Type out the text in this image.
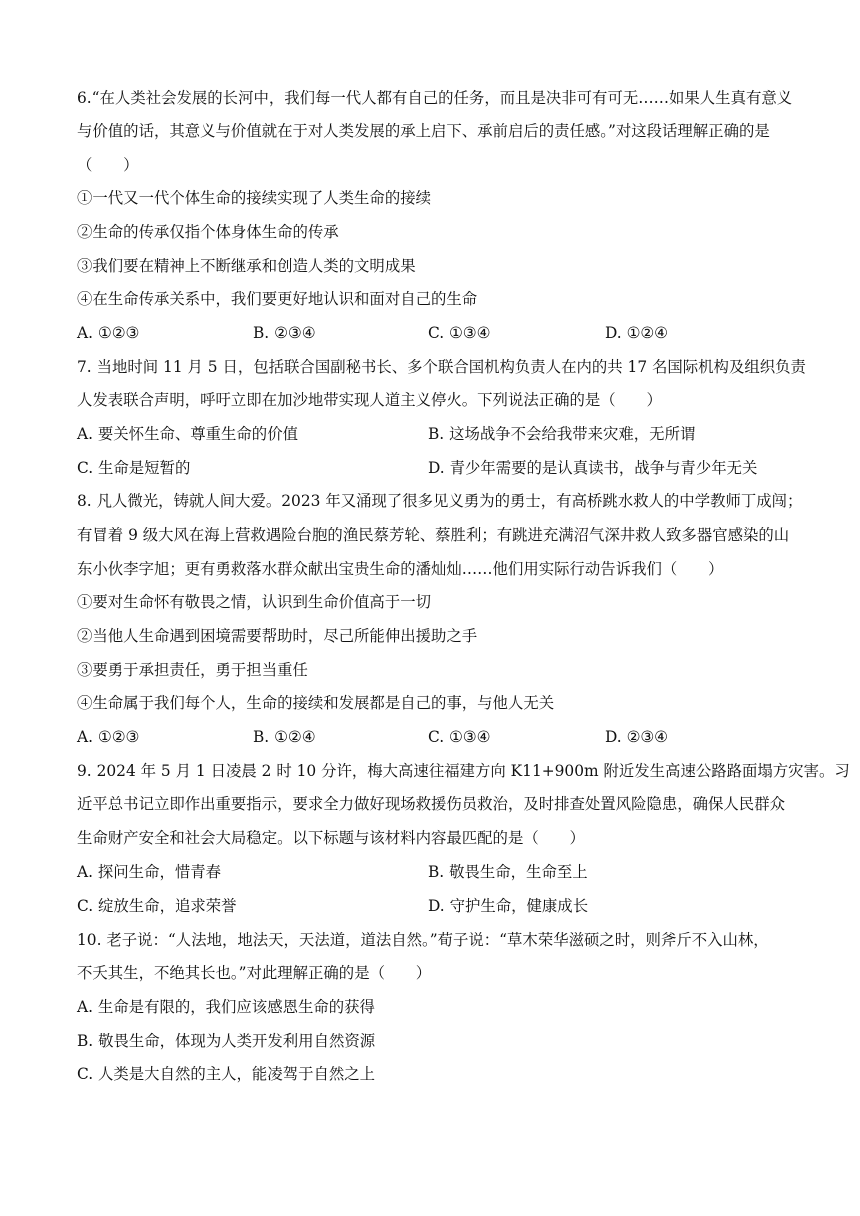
6.“在人类社会发展的长河中，我们每一代人都有自己的任务，而且是决非可有可无……如果人生真有意义
与价值的话，其意义与价值就在于对人类发展的承上启下、承前启后的责任感。”对这段话理解正确的是
（　　）
①一代又一代个体生命的接续实现了人类生命的接续
②生命的传承仅指个体身体生命的传承
③我们要在精神上不断继承和创造人类的文明成果
④在生命传承关系中，我们要更好地认识和面对自己的生命
A. ①②③	B. ②③④	C. ①③④	D. ①②④
7. 当地时间 11 月 5 日，包括联合国副秘书长、多个联合国机构负责人在内的共 17 名国际机构及组织负责
人发表联合声明，呼吁立即在加沙地带实现人道主义停火。下列说法正确的是（　　）
A. 要关怀生命、尊重生命的价值	B. 这场战争不会给我带来灾难，无所谓
C. 生命是短暂的	D. 青少年需要的是认真读书，战争与青少年无关
8. 凡人微光，铸就人间大爱。2023 年又涌现了很多见义勇为的勇士，有高桥跳水救人的中学教师丁成闯；
有冒着 9 级大风在海上营救遇险台胞的渔民蔡芳轮、蔡胜利；有跳进充满沼气深井救人致多器官感染的山
东小伙李字旭；更有勇救落水群众献出宝贵生命的潘灿灿……他们用实际行动告诉我们（　　）
①要对生命怀有敬畏之情，认识到生命价值高于一切
②当他人生命遇到困境需要帮助时，尽己所能伸出援助之手
③要勇于承担责任，勇于担当重任
④生命属于我们每个人，生命的接续和发展都是自己的事，与他人无关
A. ①②③	B. ①②④	C. ①③④	D. ②③④
9. 2024 年 5 月 1 日凌晨 2 时 10 分许，梅大高速往福建方向 K11+900m 附近发生高速公路路面塌方灾害。习
近平总书记立即作出重要指示，要求全力做好现场救援伤员救治，及时排查处置风险隐患，确保人民群众
生命财产安全和社会大局稳定。以下标题与该材料内容最匹配的是（　　）
A. 探问生命，惜青春	B. 敬畏生命，生命至上
C. 绽放生命，追求荣誉	D. 守护生命，健康成长
10. 老子说：“人法地，地法天，天法道，道法自然。”荀子说：“草木荣华滋硕之时，则斧斤不入山林，
不夭其生，不绝其长也。”对此理解正确的是（　　）
A. 生命是有限的，我们应该感恩生命的获得
B. 敬畏生命，体现为人类开发利用自然资源
C. 人类是大自然的主人，能凌驾于自然之上
